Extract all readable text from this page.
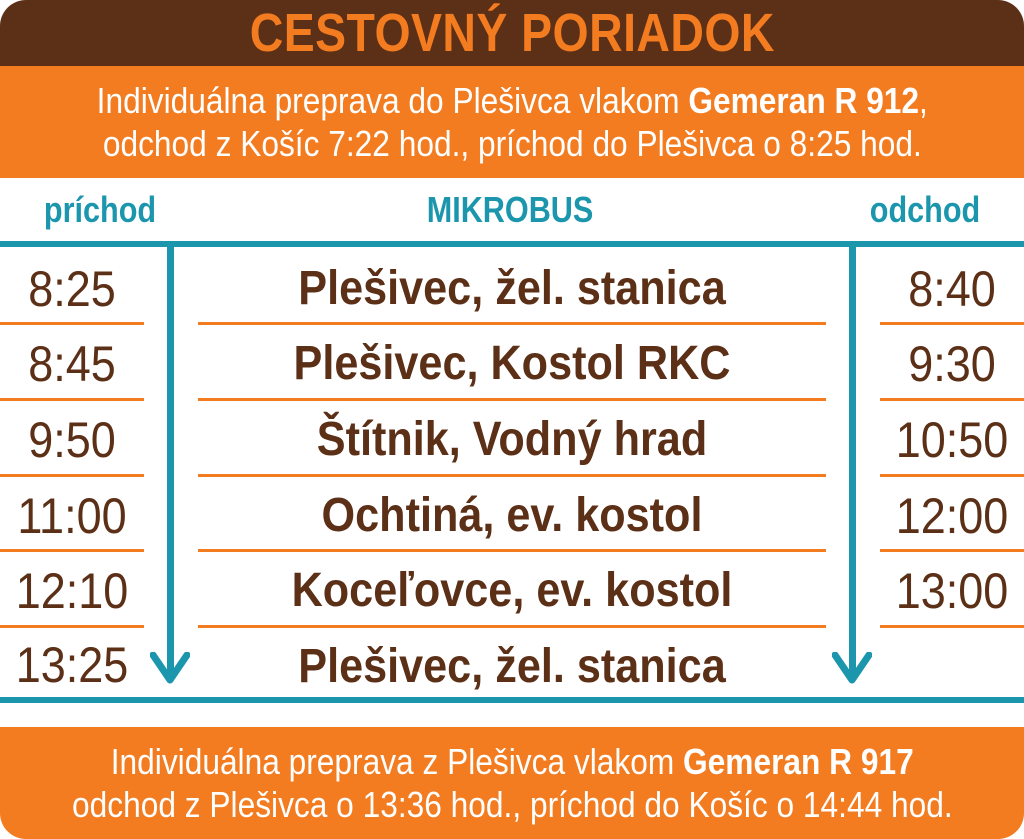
CESTOVNÝ PORIADOK
Individuálna preprava do Plešivca vlakom Gemeran R 912,
odchod z Košíc 7:22 hod., príchod do Plešivca o 8:25 hod.
príchod	MIKROBUS	odchod
8:25	Plešivec, žel. stanica	8:40
8:45	Plešivec, Kostol RKC	9:30
9:50	Štítnik, Vodný hrad	10:50
11:00	Ochtiná, ev. kostol	12:00
12:10	Koceľovce, ev. kostol	13:00
13:25	Plešivec, žel. stanica
Individuálna preprava z Plešivca vlakom Gemeran R 917
odchod z Plešivca o 13:36 hod., príchod do Košíc o 14:44 hod.
